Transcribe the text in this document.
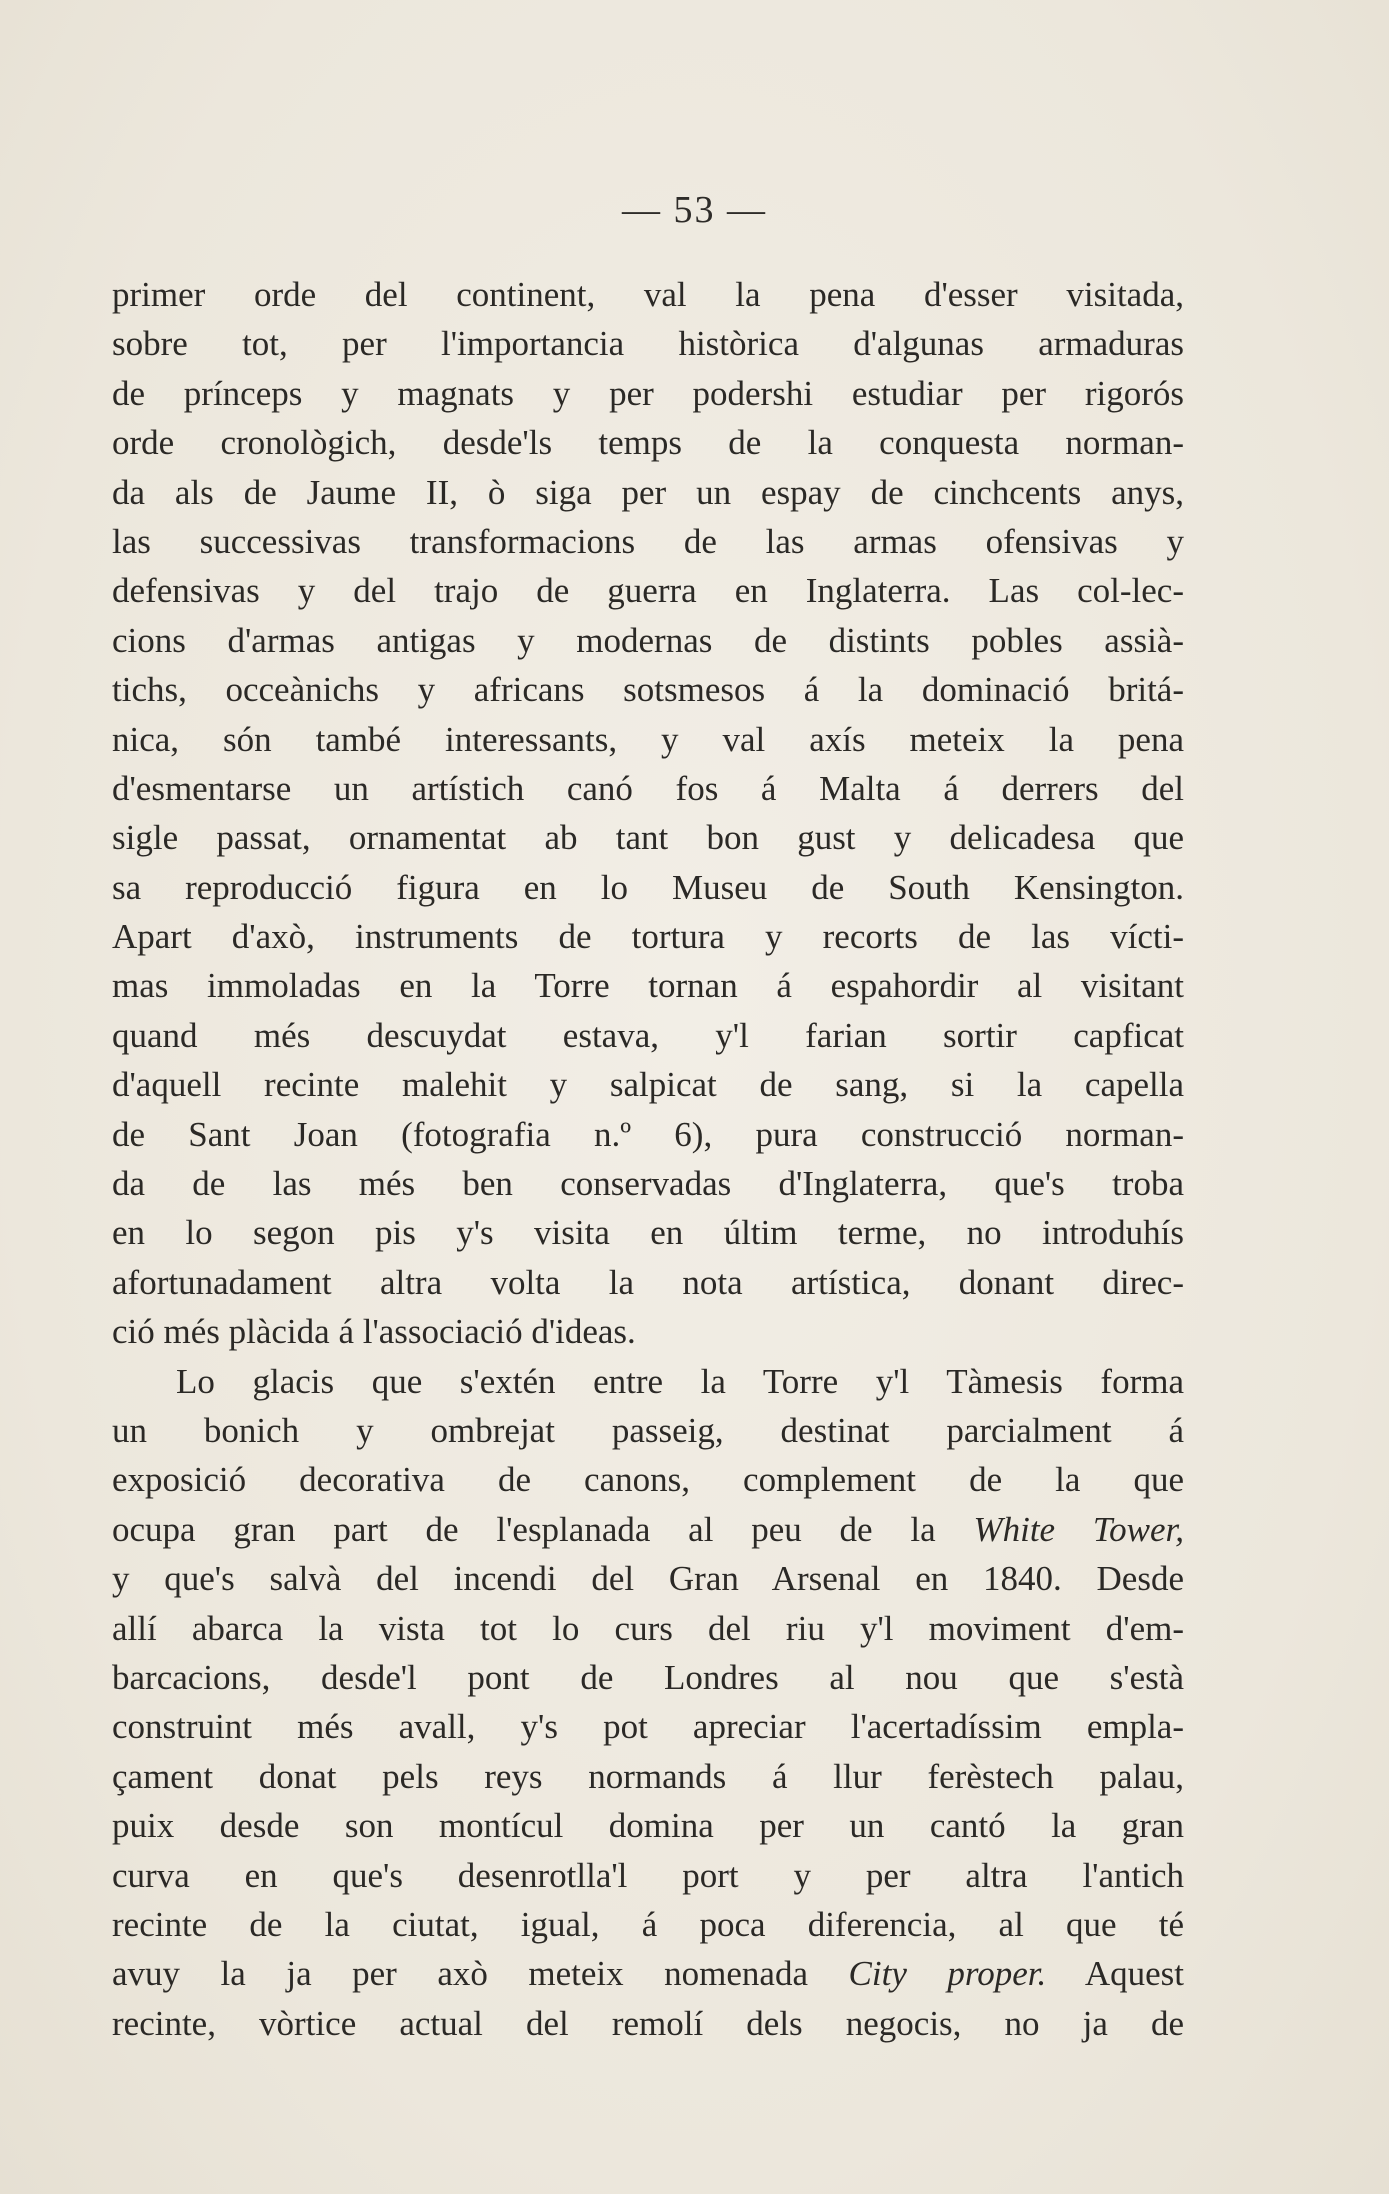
— 53 —
primer orde del continent, val la pena d'esser visitada,
sobre tot, per l'importancia històrica d'algunas armaduras
de prínceps y magnats y per podershi estudiar per rigorós
orde cronològich, desde'ls temps de la conquesta norman-
da als de Jaume II, ò siga per un espay de cinchcents anys,
las successivas transformacions de las armas ofensivas y
defensivas y del trajo de guerra en Inglaterra. Las col-lec-
cions d'armas antigas y modernas de distints pobles assià-
tichs, occeànichs y africans sotsmesos á la dominació britá-
nica, són també interessants, y val axís meteix la pena
d'esmentarse un artístich canó fos á Malta á derrers del
sigle passat, ornamentat ab tant bon gust y delicadesa que
sa reproducció figura en lo Museu de South Kensington.
Apart d'axò, instruments de tortura y recorts de las vícti-
mas immoladas en la Torre tornan á espahordir al visitant
quand més descuydat estava, y'l farian sortir capficat
d'aquell recinte malehit y salpicat de sang, si la capella
de Sant Joan (fotografia n.º 6), pura construcció norman-
da de las més ben conservadas d'Inglaterra, que's troba
en lo segon pis y's visita en últim terme, no introduhís
afortunadament altra volta la nota artística, donant direc-
ció més plàcida á l'associació d'ideas.
Lo glacis que s'extén entre la Torre y'l Tàmesis forma
un bonich y ombrejat passeig, destinat parcialment á
exposició decorativa de canons, complement de la que
ocupa gran part de l'esplanada al peu de la White Tower,
y que's salvà del incendi del Gran Arsenal en 1840. Desde
allí abarca la vista tot lo curs del riu y'l moviment d'em-
barcacions, desde'l pont de Londres al nou que s'està
construint més avall, y's pot apreciar l'acertadíssim empla-
çament donat pels reys normands á llur ferèstech palau,
puix desde son montícul domina per un cantó la gran
curva en que's desenrotlla'l port y per altra l'antich
recinte de la ciutat, igual, á poca diferencia, al que té
avuy la ja per axò meteix nomenada City proper. Aquest
recinte, vòrtice actual del remolí dels negocis, no ja de
